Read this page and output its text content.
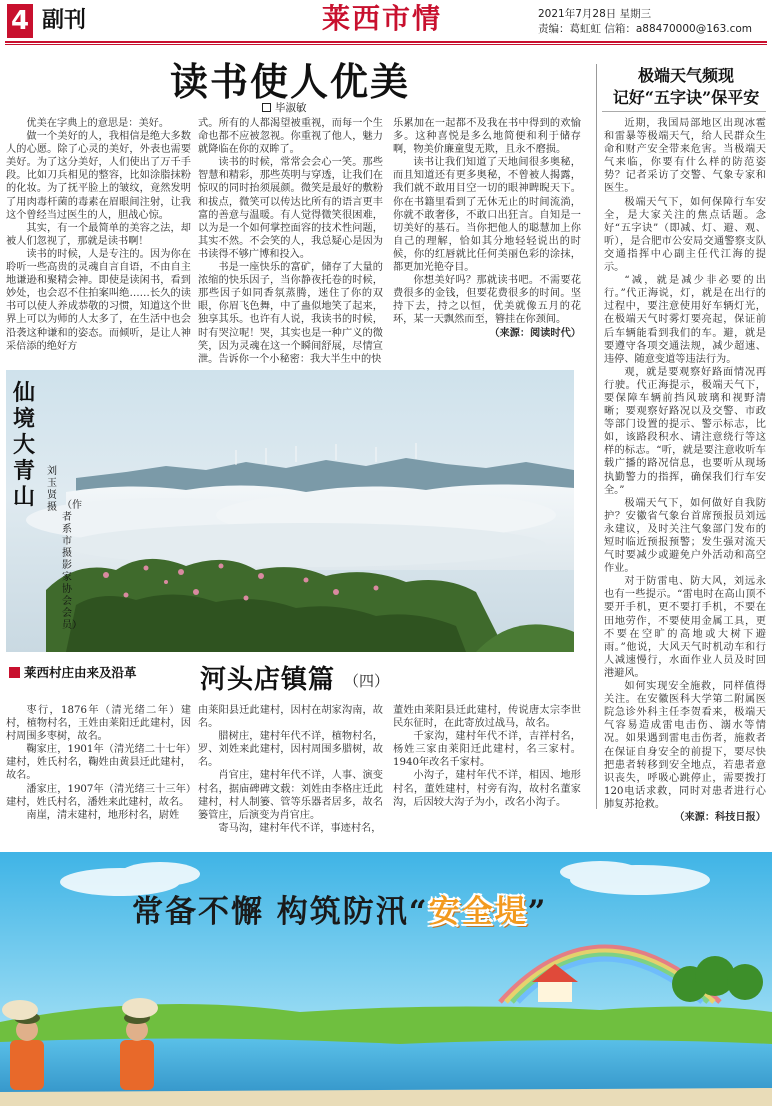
4 副刊	莱西市情	2021年7月28日 星期三
责编：葛虹虹 信箱：a88470000@163.com
读书使人优美
毕淑敏

优美在字典上的意思是：美好。

做一个美好的人，我相信是绝大多数人的心愿。除了心灵的美好，外表也需要美好。为了这分美好，人们使出了万千手段。比如刀兵相见的整容，比如涂脂抹粉的化妆。为了抚平脸上的皱纹，竟然发明了用肉毒杆菌的毒素在眉眼间注射，让我这个曾经当过医生的人，胆战心惊。

其实，有一个最简单的美容之法，却被人们忽视了，那就是读书啊！

读书的时候，人是专注的。因为你在聆听一些高贵的灵魂自言自语，不由自主地谦逊和聚精会神。即使是读闲书，看到妙处，也会忍不住拍案叫绝……长久的读书可以使人养成恭敬的习惯，知道这个世界上可以为师的人太多了，在生活中也会沿袭这种谦和的姿态。而倾听，是让人神采倍添的绝好方

式。所有的人都渴望被重视，而每一个生命也都不应被忽视。你重视了他人，魅力就降临在你的双眸了。

读书的时候，常常会会心一笑。那些智慧和精彩，那些英明与穿透，让我们在惊叹的同时抬须展颜。微笑是最好的敷粉和拔点，微笑可以传达比所有的语言更丰富的善意与温暖。有人觉得微笑很困难，以为是一个如何掌控面容的技术性问题，其实不然。不会笑的人，我总疑心是因为书读得不够广博和投入。

书是一座快乐的富矿，储存了大量的浓缩的快乐因子，当你静夜托卷的时候，那些因子如同香氛蒸腾，迷住了你的双眼，你眉飞色舞，中了蛊似地笑了起来，独享其乐。也许有人说，我读书的时候，时有哭泣呢！哭，其实也是一种广义的微笑，因为灵魂在这一个瞬间舒展，尽情宣泄。告诉你一个小秘密：我大半生中的快

乐累加在一起都不及我在书中得到的欢愉多。这种喜悦是多么地简便和利于储存啊，物美价廉童叟无欺，且永不磨损。

读书让我们知道了天地间很多奥秘，而且知道还有更多奥秘，不曾被人揭露，我们就不敢用目空一切的眼神睥睨天下。你在书籍里看到了无休无止的时间流淌，你就不敢奢侈，不敢口出狂言。自知是一切美好的基石。当你把他人的聪慧加上你自己的理解，恰如其分地轻轻说出的时候，你的红唇就比任何美丽色彩的涂抹，都更加光艳夺目。

你想美好吗？那就读书吧。不需要花费很多的金钱，但要花费很多的时间。坚持下去，持之以恒，优美就像五月的花环，某一天飘然而至，簪挂在你颈间。

（来源：阅读时代）

极端天气频现
记好“五字诀”保平安

近期，我国局部地区出现冰雹和雷暴等极端天气，给人民群众生命和财产安全带来危害。当极端天气来临，你要有什么样的防范姿势？记者采访了交警、气象专家和医生。

极端天气下，如何保障行车安全，是大家关注的焦点话题。念好“五字诀”（即减、灯、避、观、听），是合肥市公安局交通警察支队交通指挥中心副主任代江海的提示。

“减，就是减少非必要的出行。”代正海说，灯，就是在出行的过程中，要注意使用好车辆灯光，在极端天气时雾灯要亮起，保证前后车辆能看到我们的车。避，就是要遵守各项交通法规，减少超速、违停、随意变道等违法行为。

观，就是要观察好路面情况再行驶。代正海提示，极端天气下，要保障车辆前挡风玻璃和视野清晰；要观察好路况以及交警、市政等部门设置的提示、警示标志，比如，该路段积水、请注意绕行等这样的标志。“听，就是要注意收听车载广播的路况信息，也要听从现场执勤警力的指挥，确保我们行车安全。”

极端天气下，如何做好自我防护？安徽省气象台首席预报员刘远永建议，及时关注气象部门发布的短时临近预报预警；发生强对流天气时要减少或避免户外活动和高空作业。

对于防雷电、防大风，刘远永也有一些提示。“雷电时在高山顶不要开手机，更不要打手机，不要在田地劳作，不要使用金属工具，更不要在空旷的高地或大树下避雨。”他说，大风天气时机动车和行人减速慢行，水面作业人员及时回港避风。

如何实现安全施救，同样值得关注。在安徽医科大学第二附属医院急诊外科主任李贺看来，极端天气容易造成雷电击伤、溺水等情况。如果遇到雷电击伤者，施救者在保证自身安全的前提下，要尽快把患者转移到安全地点，若患者意识丧失，呼吸心跳停止，需要拨打120电话求救，同时对患者进行心肺复苏抢救。

（来源：科技日报）

仙境大青山
刘玉贤摄 （作者系市摄影家协会会员）
莱西村庄由来及沿革 河头店镇篇 （四）

枣行，1876年（清光绪二年）建村，植物村名，王姓由莱阳迁此建村，因村周围多枣树，故名。

鞠家庄，1901年（清光绪二十七年）建村，姓氏村名，鞠姓由黄县迁此建村，故名。

潘家庄，1907年（清光绪三十三年）建村，姓氏村名，潘姓来此建村，故名。

南崖，清末建村，地形村名，尉姓

由莱阳县迁此建村，因村在胡家沟南，故名。

腊树庄，建村年代不详，植物村名，罗、刘姓来此建村，因村周围多腊树，故名。

肖官庄，建村年代不详，人事、演变村名，据庙碑碑文载：刘姓由李格庄迁此建村，村人制篓、管等乐器者居多，故名篓管庄，后演变为肖官庄。

寄马沟，建村年代不详，事迹村名，

董姓由莱阳县迁此建村，传说唐太宗李世民东征时，在此寄放过战马，故名。

千家沟，建村年代不详，吉祥村名，杨姓三家由莱阳迁此建村，名三家村。1940年改名千家村。

小沟子，建村年代不详，相因、地形村名，董姓建村，村旁有沟，故村名董家沟，后因较大沟子为小，改名小沟子。

常备不懈 构筑防汛“安全堤”
